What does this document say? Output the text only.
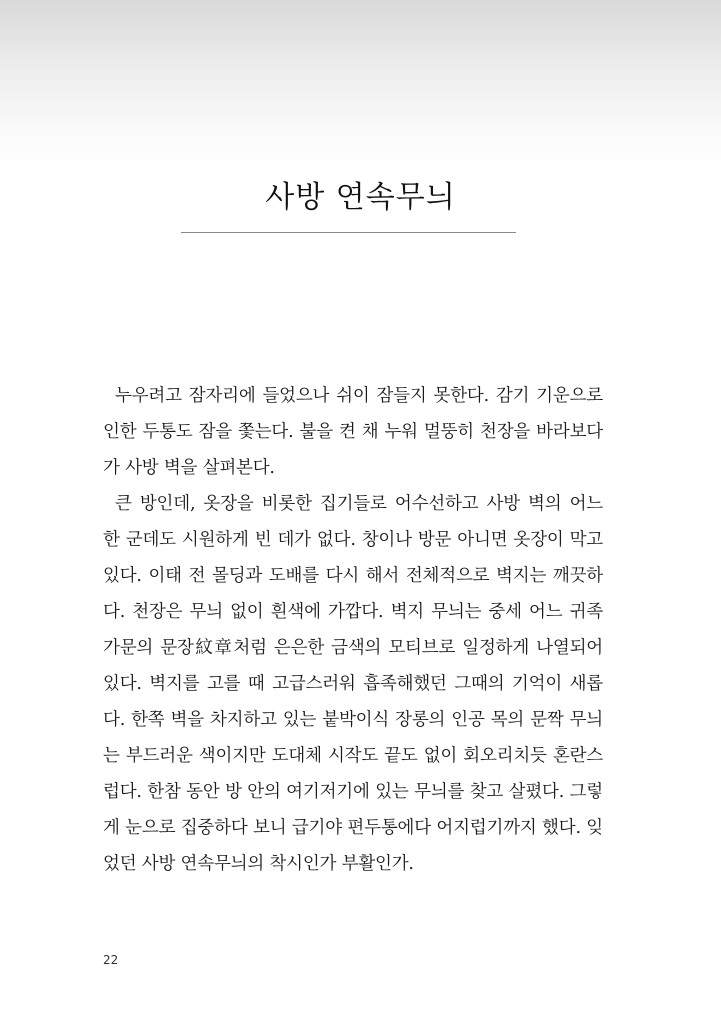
사방 연속무늬
누우려고 잠자리에 들었으나 쉬이 잠들지 못한다. 감기 기운으로
인한 두통도 잠을 쫓는다. 불을 켠 채 누워 멀뚱히 천장을 바라보다
가 사방 벽을 살펴본다.
큰 방인데, 옷장을 비롯한 집기들로 어수선하고 사방 벽의 어느
한 군데도 시원하게 빈 데가 없다. 창이나 방문 아니면 옷장이 막고
있다. 이태 전 몰딩과 도배를 다시 해서 전체적으로 벽지는 깨끗하
다. 천장은 무늬 없이 흰색에 가깝다. 벽지 무늬는 중세 어느 귀족
가문의 문장紋章처럼 은은한 금색의 모티브로 일정하게 나열되어
있다. 벽지를 고를 때 고급스러워 흡족해했던 그때의 기억이 새롭
다. 한쪽 벽을 차지하고 있는 붙박이식 장롱의 인공 목의 문짝 무늬
는 부드러운 색이지만 도대체 시작도 끝도 없이 회오리치듯 혼란스
럽다. 한참 동안 방 안의 여기저기에 있는 무늬를 찾고 살폈다. 그렇
게 눈으로 집중하다 보니 급기야 편두통에다 어지럽기까지 했다. 잊
었던 사방 연속무늬의 착시인가 부활인가.
22
